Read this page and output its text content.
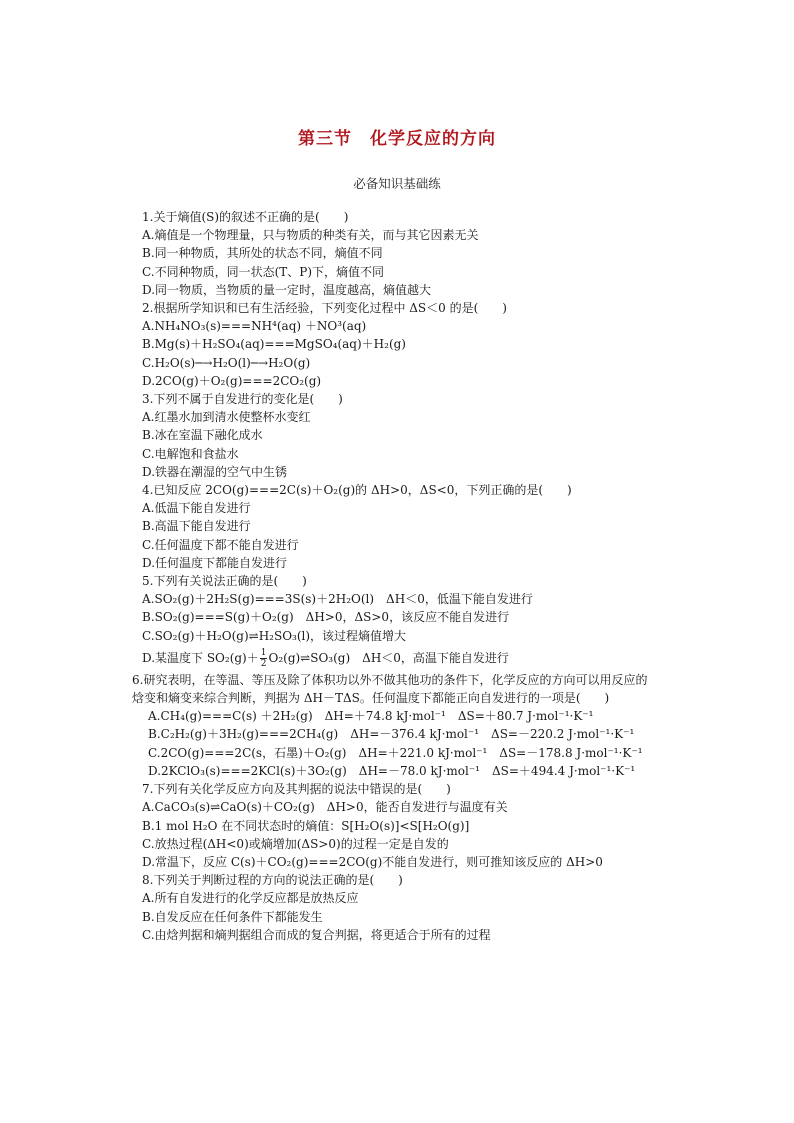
第三节　化学反应的方向
必备知识基础练
1.关于熵值(S)的叙述不正确的是(　　)
A.熵值是一个物理量，只与物质的种类有关，而与其它因素无关
B.同一种物质，其所处的状态不同，熵值不同
C.不同种物质，同一状态(T、P)下，熵值不同
D.同一物质，当物质的量一定时，温度越高，熵值越大
2.根据所学知识和已有生活经验，下列变化过程中 ΔS＜0 的是(　　)
A.NH₄NO₃(s)===NH⁴(aq) ＋NO³(aq)
B.Mg(s)＋H₂SO₄(aq)===MgSO₄(aq)＋H₂(g)
C.H₂O(s)─→H₂O(l)─→H₂O(g)
D.2CO(g)＋O₂(g)===2CO₂(g)
3.下列不属于自发进行的变化是(　　)
A.红墨水加到清水使整杯水变红
B.冰在室温下融化成水
C.电解饱和食盐水
D.铁器在潮湿的空气中生锈
4.已知反应 2CO(g)===2C(s)＋O₂(g)的 ΔH>0，ΔS<0，下列正确的是(　　)
A.低温下能自发进行
B.高温下能自发进行
C.任何温度下都不能自发进行
D.任何温度下都能自发进行
5.下列有关说法正确的是(　　)
A.SO₂(g)＋2H₂S(g)===3S(s)＋2H₂O(l)　ΔH＜0，低温下能自发进行
B.SO₂(g)===S(g)＋O₂(g)　ΔH>0，ΔS>0，该反应不能自发进行
C.SO₂(g)＋H₂O(g)⇌H₂SO₃(l)，该过程熵值增大
D.某温度下 $SO_2(g)+ \frac{1}{2}$ O₂(g)⇌SO₃(g)　ΔH＜0，高温下能自发进行
6.研究表明，在等温、等压及除了体积功以外不做其他功的条件下，化学反应的方向可以用反应的焓变和熵变来综合判断，判据为 ΔH－TΔS。任何温度下都能正向自发进行的一项是(　　)
A.CH₄(g)===C(s) ＋2H₂(g)　ΔH=＋74.8 kJ·mol⁻¹　ΔS=＋80.7 J·mol⁻¹·K⁻¹
B.C₂H₂(g)＋3H₂(g)===2CH₄(g)　ΔH=－376.4 kJ·mol⁻¹　ΔS=－220.2 J·mol⁻¹·K⁻¹
C.2CO(g)===2C(s，石墨)＋O₂(g)　ΔH=＋221.0 kJ·mol⁻¹　ΔS=－178.8 J·mol⁻¹·K⁻¹
D.2KClO₃(s)===2KCl(s)＋3O₂(g)　ΔH=－78.0 kJ·mol⁻¹　ΔS=＋494.4 J·mol⁻¹·K⁻¹
7.下列有关化学反应方向及其判据的说法中错误的是(　　)
A.CaCO₃(s)⇌CaO(s)＋CO₂(g)　ΔH>0，能否自发进行与温度有关
B.1 mol H₂O 在不同状态时的熵值：S[H₂O(s)]<S[H₂O(g)]
C.放热过程(ΔH<0)或熵增加(ΔS>0)的过程一定是自发的
D.常温下，反应 C(s)＋CO₂(g)===2CO(g)不能自发进行，则可推知该反应的 ΔH>0
8.下列关于判断过程的方向的说法正确的是(　　)
A.所有自发进行的化学反应都是放热反应
B.自发反应在任何条件下都能发生
C.由焓判据和熵判据组合而成的复合判据，将更适合于所有的过程
